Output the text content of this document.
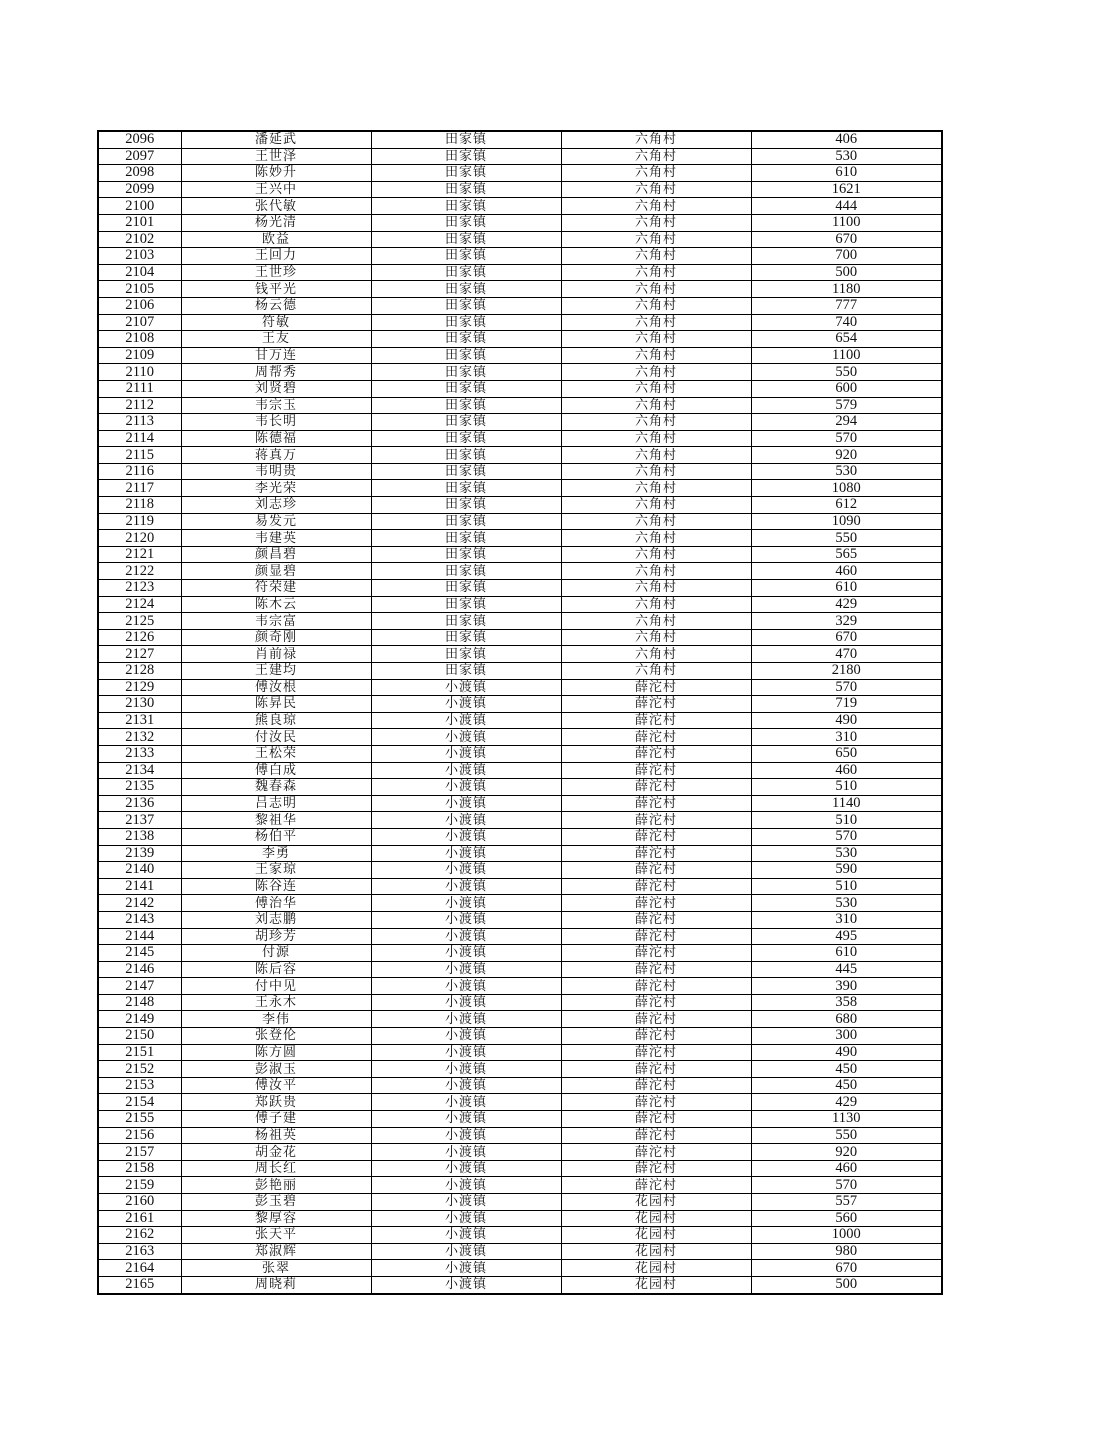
2096	潘延武	田家镇	六角村	406
2097	王世泽	田家镇	六角村	530
2098	陈妙升	田家镇	六角村	610
2099	王兴中	田家镇	六角村	1621
2100	张代敏	田家镇	六角村	444
2101	杨光清	田家镇	六角村	1100
2102	欧益	田家镇	六角村	670
2103	王回力	田家镇	六角村	700
2104	王世珍	田家镇	六角村	500
2105	钱平光	田家镇	六角村	1180
2106	杨云德	田家镇	六角村	777
2107	符敏	田家镇	六角村	740
2108	王友	田家镇	六角村	654
2109	甘万连	田家镇	六角村	1100
2110	周帮秀	田家镇	六角村	550
2111	刘贤碧	田家镇	六角村	600
2112	韦宗玉	田家镇	六角村	579
2113	韦长明	田家镇	六角村	294
2114	陈德福	田家镇	六角村	570
2115	蒋真万	田家镇	六角村	920
2116	韦明贵	田家镇	六角村	530
2117	李光荣	田家镇	六角村	1080
2118	刘志珍	田家镇	六角村	612
2119	易发元	田家镇	六角村	1090
2120	韦建英	田家镇	六角村	550
2121	颜昌碧	田家镇	六角村	565
2122	颜显碧	田家镇	六角村	460
2123	符荣建	田家镇	六角村	610
2124	陈木云	田家镇	六角村	429
2125	韦宗富	田家镇	六角村	329
2126	颜奇刚	田家镇	六角村	670
2127	肖前禄	田家镇	六角村	470
2128	王建均	田家镇	六角村	2180
2129	傅汝根	小渡镇	薛沱村	570
2130	陈昇民	小渡镇	薛沱村	719
2131	熊良琼	小渡镇	薛沱村	490
2132	付汝民	小渡镇	薛沱村	310
2133	王松荣	小渡镇	薛沱村	650
2134	傅白成	小渡镇	薛沱村	460
2135	魏春森	小渡镇	薛沱村	510
2136	吕志明	小渡镇	薛沱村	1140
2137	黎祖华	小渡镇	薛沱村	510
2138	杨伯平	小渡镇	薛沱村	570
2139	李勇	小渡镇	薛沱村	530
2140	王家琼	小渡镇	薛沱村	590
2141	陈谷连	小渡镇	薛沱村	510
2142	傅治华	小渡镇	薛沱村	530
2143	刘志鹏	小渡镇	薛沱村	310
2144	胡珍芳	小渡镇	薛沱村	495
2145	付源	小渡镇	薛沱村	610
2146	陈后容	小渡镇	薛沱村	445
2147	付中见	小渡镇	薛沱村	390
2148	王永木	小渡镇	薛沱村	358
2149	李伟	小渡镇	薛沱村	680
2150	张登伦	小渡镇	薛沱村	300
2151	陈方圆	小渡镇	薛沱村	490
2152	彭淑玉	小渡镇	薛沱村	450
2153	傅汝平	小渡镇	薛沱村	450
2154	郑跃贵	小渡镇	薛沱村	429
2155	傅子建	小渡镇	薛沱村	1130
2156	杨祖英	小渡镇	薛沱村	550
2157	胡金花	小渡镇	薛沱村	920
2158	周长红	小渡镇	薛沱村	460
2159	彭艳丽	小渡镇	薛沱村	570
2160	彭玉碧	小渡镇	花园村	557
2161	黎厚容	小渡镇	花园村	560
2162	张天平	小渡镇	花园村	1000
2163	郑淑辉	小渡镇	花园村	980
2164	张翠	小渡镇	花园村	670
2165	周晓莉	小渡镇	花园村	500
